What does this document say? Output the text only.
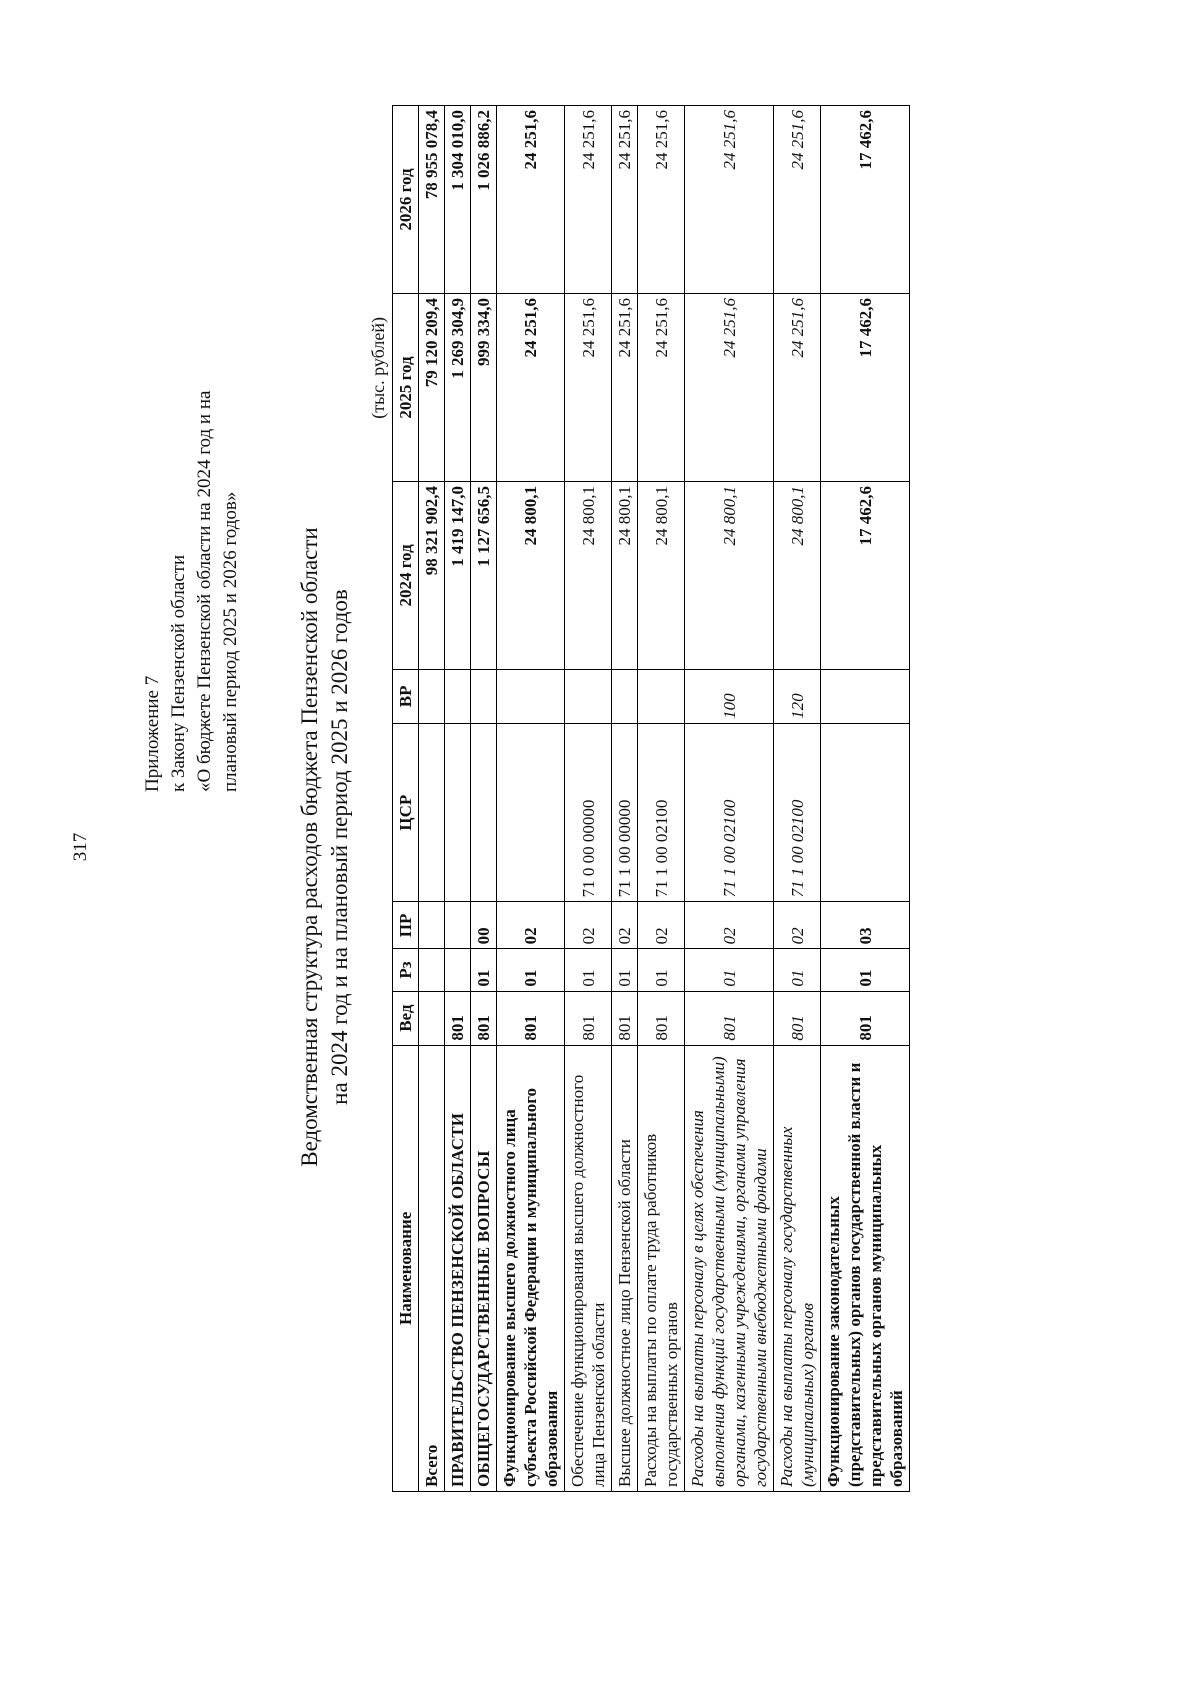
317
Приложение 7 к Закону Пензенской области «О бюджете Пензенской области на 2024 год и на плановый период 2025 и 2026 годов» Ведомственная структура расходов бюджета Пензенской области на 2024 год и на плановый период 2025 и 2026 годов
(тыс. рублей)
Наименование	Вед	Рз	ПР	ЦСР	ВР	2024 год	2025 год	2026 год
Всего						98 321 902,4	79 120 209,4	78 955 078,4
ПРАВИТЕЛЬСТВО ПЕНЗЕНСКОЙ ОБЛАСТИ	801					1 419 147,0	1 269 304,9	1 304 010,0
ОБЩЕГОСУДАРСТВЕННЫЕ ВОПРОСЫ	801	01	00			1 127 656,5	999 334,0	1 026 886,2
Функционирование высшего должностного лица субъекта Российской Федерации и муниципального образования	801	01	02			24 800,1	24 251,6	24 251,6
Обеспечение функционирования высшего должностного лица Пензенской области	801	01	02	71 0 00 00000		24 800,1	24 251,6	24 251,6
Высшее должностное лицо Пензенской области	801	01	02	71 1 00 00000		24 800,1	24 251,6	24 251,6
Расходы на выплаты по оплате труда работников государственных органов	801	01	02	71 1 00 02100		24 800,1	24 251,6	24 251,6
Расходы на выплаты персоналу в целях обеспечения выполнения функций государственными (муниципальными) органами, казенными учреждениями, органами управления государственными внебюджетными фондами	801	01	02	71 1 00 02100	100	24 800,1	24 251,6	24 251,6
Расходы на выплаты персоналу государственных (муниципальных) органов	801	01	02	71 1 00 02100	120	24 800,1	24 251,6	24 251,6
Функционирование законодательных (представительных) органов государственной власти и представительных органов муниципальных образований	801	01	03			17 462,6	17 462,6	17 462,6
